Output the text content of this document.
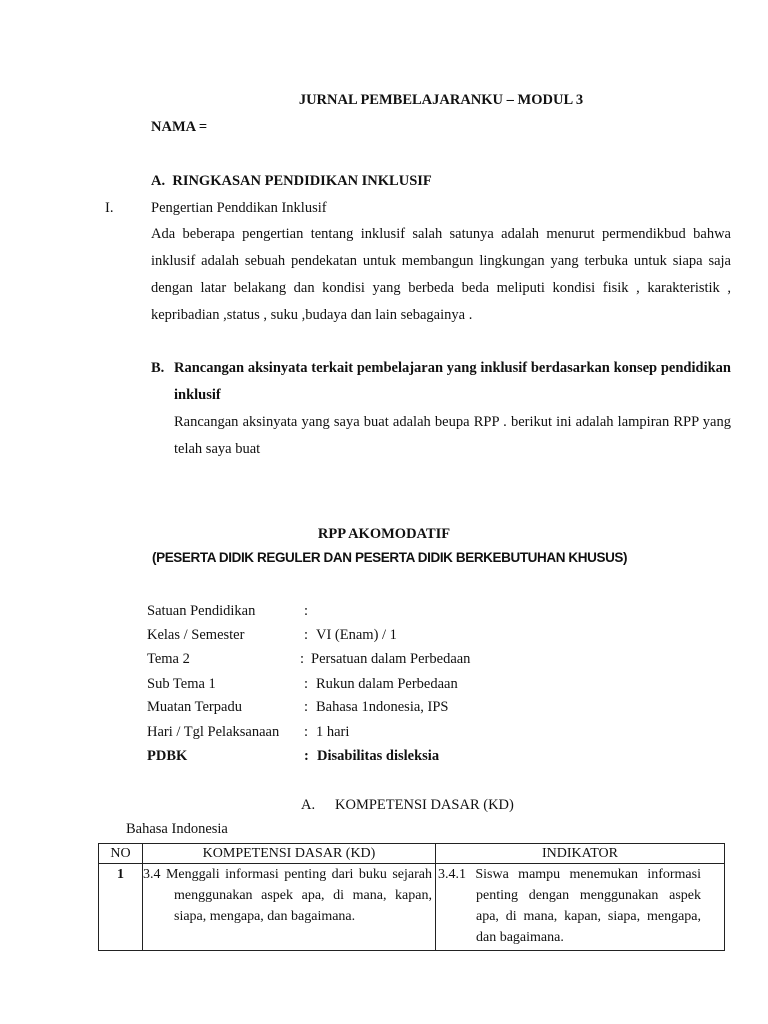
JURNAL PEMBELAJARANKU – MODUL 3
NAMA =
A.  RINGKASAN PENDIDIKAN INKLUSIF
I.	Pengertian Penddikan Inklusif
Ada beberapa pengertian tentang inklusif salah satunya adalah menurut permendikbud bahwa inklusif adalah sebuah pendekatan untuk membangun lingkungan yang terbuka untuk siapa saja dengan latar belakang dan kondisi yang berbeda beda meliputi kondisi fisik , karakteristik , kepribadian ,status , suku ,budaya dan lain sebagainya .
B. Rancangan aksinyata terkait pembelajaran yang inklusif berdasarkan konsep pendidikan inklusif
Rancangan aksinyata yang saya buat adalah beupa RPP . berikut ini adalah lampiran RPP yang telah saya buat
RPP AKOMODATIF
(PESERTA DIDIK REGULER DAN PESERTA DIDIK BERKEBUTUHAN KHUSUS)
Satuan Pendidikan	:
Kelas / Semester	: VI (Enam) / 1
Tema 2	: Persatuan dalam Perbedaan
Sub Tema 1	: Rukun dalam Perbedaan
Muatan Terpadu	: Bahasa 1ndonesia, IPS
Hari / Tgl Pelaksanaan : 1 hari
PDBK	: Disabilitas disleksia
A. KOMPETENSI DASAR (KD)
Bahasa Indonesia
NO	KOMPETENSI DASAR (KD)	INDIKATOR
1	3.4 Menggali informasi penting dari buku sejarah menggunakan aspek apa, di mana, kapan, siapa, mengapa, dan bagaimana.	3.4.1 Siswa mampu menemukan informasi penting dengan menggunakan aspek apa, di mana, kapan, siapa, mengapa, dan bagaimana.
